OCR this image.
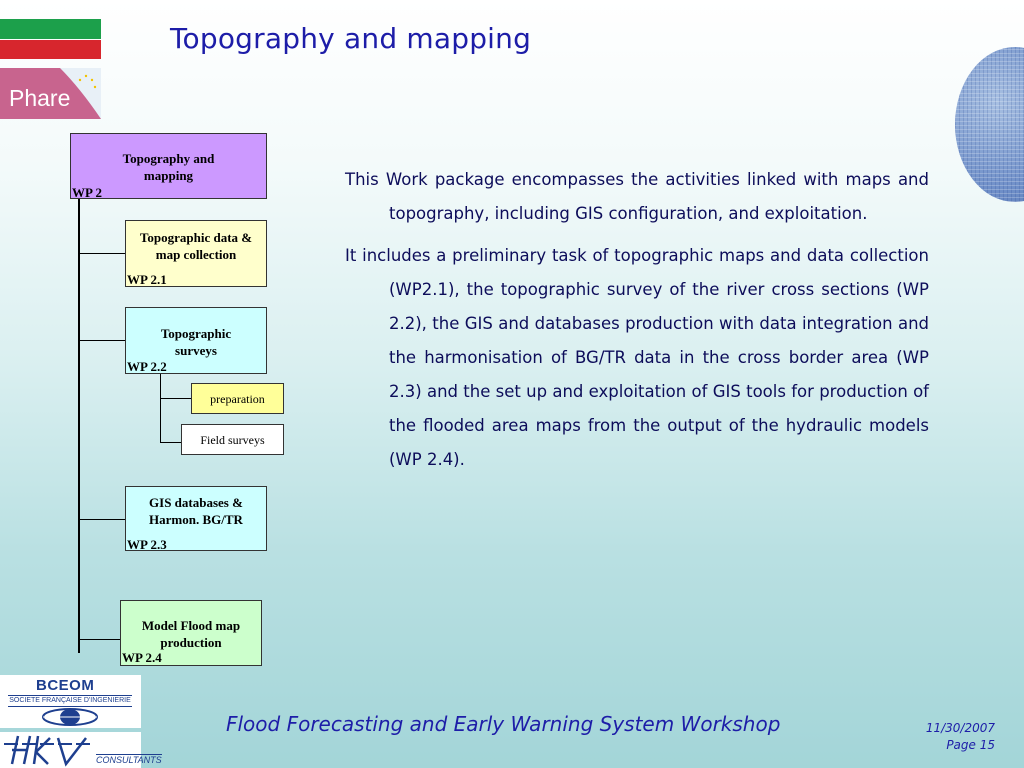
Phare
Topography and mapping
Topography and mapping
WP 2
Topographic data & map collection
WP 2.1
Topographic surveys
WP 2.2
preparation
Field surveys
GIS databases & Harmon. BG/TR
WP 2.3
Model Flood map production
WP 2.4

This Work package encompasses the activities linked with maps and topography, including GIS configuration, and exploitation.

It includes a preliminary task of topographic maps and data collection (WP2.1), the topographic survey of the river cross sections (WP 2.2), the GIS and databases production with data integration and the harmonisation of BG/TR data in the cross border area (WP 2.3) and the set up and exploitation of GIS tools for production of the flooded area maps from the output of the hydraulic models (WP 2.4).

BCEOM
SOCIETE FRANÇAISE D'INGENIERIE
CONSULTANTS
Flood Forecasting and Early Warning System Workshop	11/30/2007
Page 15
